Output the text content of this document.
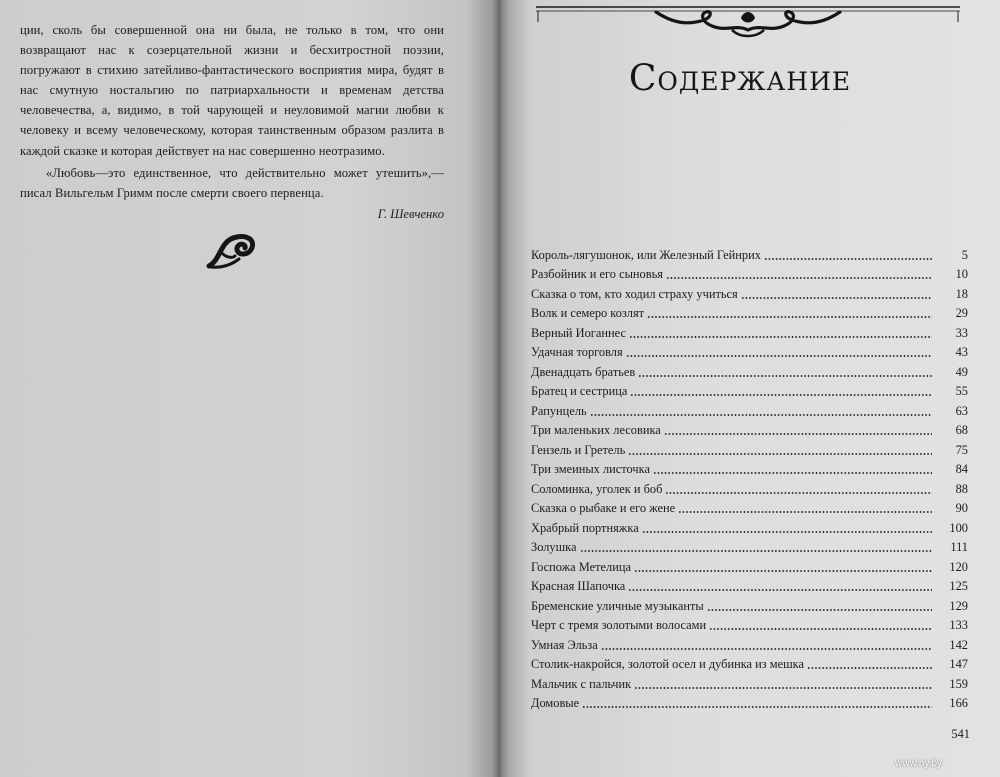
ции, сколь бы совершенной она ни была, не только в том, что они возвращают нас к созерцательной жизни и бесхитростной поэзии, погружают в стихию затейливо-фантастического восприятия мира, будят в нас смутную ностальгию по патриархальности и временам детства человечества, а, видимо, в той чарующей и неуловимой магии любви к человеку и всему человеческому, которая таинственным образом разлита в каждой сказке и которая действует на нас совершенно неотразимо.

«Любовь—это единственное, что действительно может утешить»,—писал Вильгельм Гримм после смерти своего первенца.

Г. Шевченко
Содержание
Король-лягушонок, или Железный Гейнрих	5
Разбойник и его сыновья	10
Сказка о том, кто ходил страху учиться	18
Волк и семеро козлят	29
Верный Иоганнес	33
Удачная торговля	43
Двенадцать братьев	49
Братец и сестрица	55
Рапунцель	63
Три маленьких лесовика	68
Гензель и Гретель	75
Три змеиных листочка	84
Соломинка, уголек и боб	88
Сказка о рыбаке и его жене	90
Храбрый портняжка	100
Золушка	111
Госпожа Метелица	120
Красная Шапочка	125
Бременские уличные музыканты	129
Черт с тремя золотыми волосами	133
Умная Эльза	142
Столик-накройся, золотой осел и дубинка из мешка	147
Мальчик с пальчик	159
Домовые	166
541
www.ay.by
